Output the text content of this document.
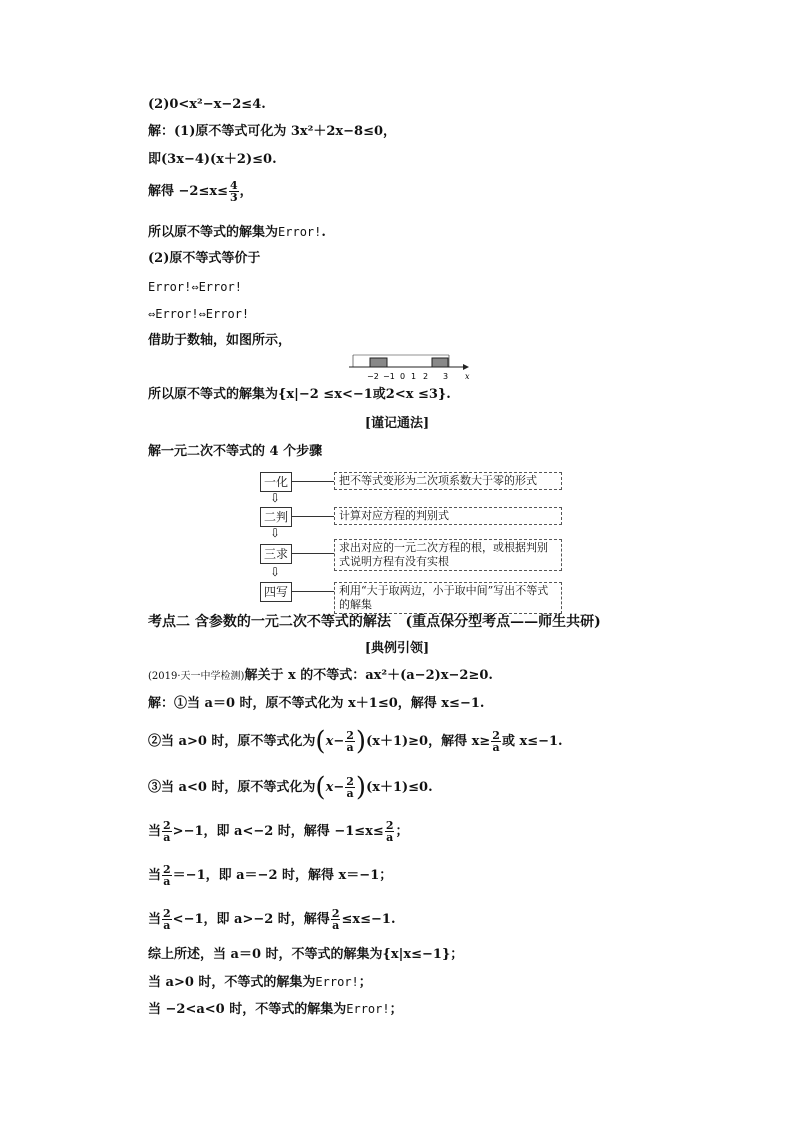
(2)0<x²−x−2≤4.
解：(1)原不等式可化为 3x²＋2x−8≤0，
即(3x−4)(x＋2)≤0.
解得 $-2\le x\le \frac{4}{3}$ ，
所以原不等式的解集为Error!.
(2)原不等式等价于
Error!⇔Error!
⇔Error!⇔Error!
借助于数轴，如图所示，
−2 −1 0 1 2 3 x
所以原不等式的解集为{x|−2 ≤x<−1或2<x ≤3}.
[谨记通法]
解一元二次不等式的 4 个步骤
一化	把不等式变形为二次项系数大于零的形式
⇩
二判	计算对应方程的判别式
⇩
三求	求出对应的一元二次方程的根，或根据判别式说明方程有没有实根
⇩
四写	利用“大于取两边，小于取中间”写出不等式的解集
考点二 含参数的一元二次不等式的解法 (重点保分型考点——师生共研)
[典例引领]
(2019·天一中学检测)解关于 x 的不等式：ax²＋(a−2)x−2≥0.
解：①当 a＝0 时，原不等式化为 x＋1≤0，解得 x≤−1.
②当 a>0 时，原不等式化为$(x- \frac{2}{a} )(x+1)\ge 0$，解得 $x\ge \frac{2}{a}$ 或 x≤−1.
③当 a<0 时，原不等式化为$(x- \frac{2}{a} )(x+1)\le 0$.
当 $\frac{2}{a} >-1$，即 a<−2 时，解得 $-1\le x\le \frac{2}{a}$ ；
当 $\frac{2}{a} =-1$，即 a＝−2 时，解得 x＝−1；
当 $\frac{2}{a} <-1$，即 a>−2 时，解得 $\frac{2}{a} \le x\le-1$.
综上所述，当 a＝0 时，不等式的解集为{x|x≤−1}；
当 a>0 时，不等式的解集为Error!；
当 −2<a<0 时，不等式的解集为Error!；
